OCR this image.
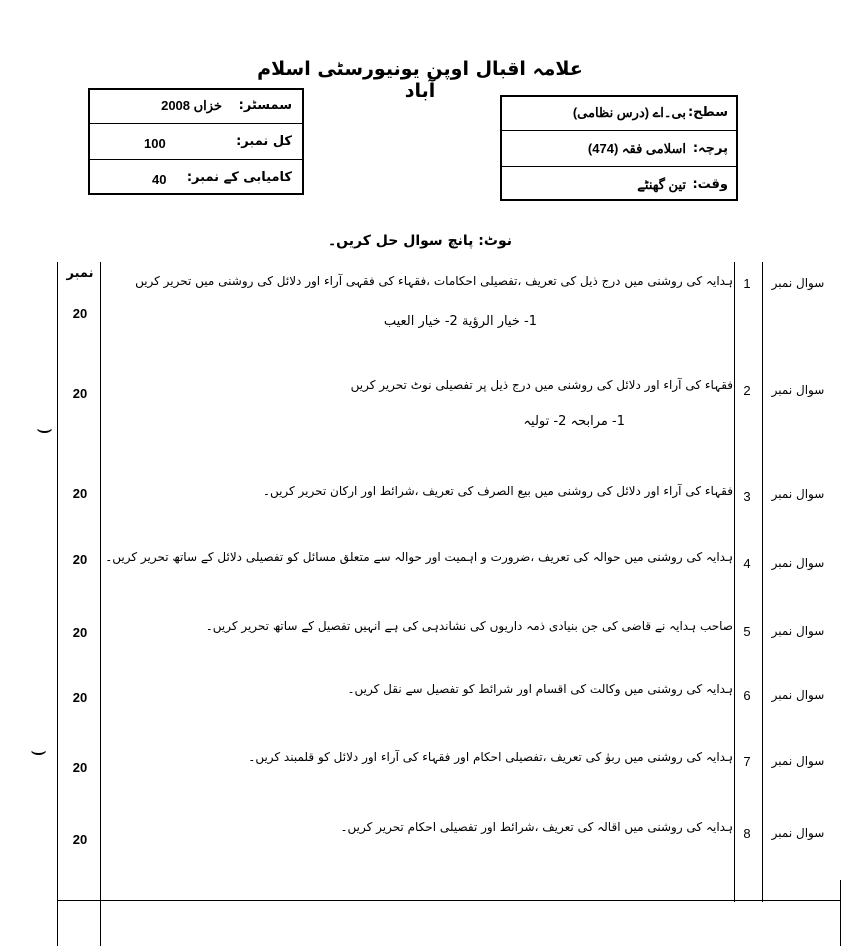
علامہ اقبال اوپن یونیورسٹی اسلام آباد
سمسٹر:
خزاں 2008
کل نمبر:
100
کامیابی کے نمبر:
40
سطح:
بی۔اے (درس نظامی)
پرچہ:
اسلامی فقہ (474)
وقت:
تین گھنٹے
نوٹ: پانچ سوال حل کریں۔
نمبر
⌣
⌣
سوال نمبر
1
ہدایہ کی روشنی میں درج ذیل کی تعریف ،تفصیلی احکامات ،فقہاء کی فقہی آراء اور دلائل کی روشنی میں تحریر کریں
1- خيار الرؤية 2- خيار العيب
20
سوال نمبر
2
فقہاء کی آراء اور دلائل کی روشنی میں درج ذیل پر تفصیلی نوٹ تحریر کریں
1- مرابحہ 2- تولیہ
20
سوال نمبر
3
فقہاء کی آراء اور دلائل کی روشنی میں بیع الصرف کی تعریف ،شرائط اور ارکان تحریر کریں۔
20
سوال نمبر
4
ہدایہ کی روشنی میں حوالہ کی تعریف ،ضرورت و اہمیت اور حوالہ سے متعلق مسائل کو تفصیلی دلائل کے ساتھ تحریر کریں۔
20
سوال نمبر
5
صاحب ہدایہ نے قاضی کی جن بنیادی ذمہ داریوں کی نشاندہی کی ہے انہیں تفصیل کے ساتھ تحریر کریں۔
20
سوال نمبر
6
ہدایہ کی روشنی میں وکالت کی اقسام اور شرائط کو تفصیل سے نقل کریں۔
20
سوال نمبر
7
ہدایہ کی روشنی میں ربوٰ کی تعریف ،تفصیلی احکام اور فقہاء کی آراء اور دلائل کو قلمبند کریں۔
20
سوال نمبر
8
ہدایہ کی روشنی میں اقالہ کی تعریف ،شرائط اور تفصیلی احکام تحریر کریں۔
20
